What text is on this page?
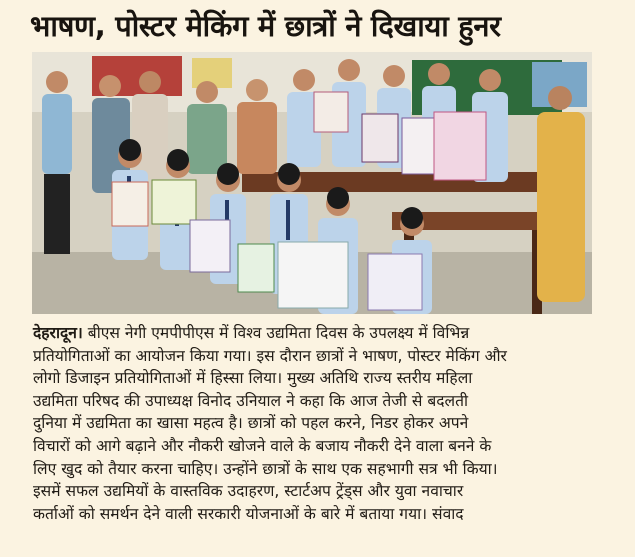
भाषण, पोस्टर मेकिंग में छात्रों ने दिखाया हुनर
देहरादून। बीएस नेगी एमपीपीएस में विश्व उद्यमिता दिवस के उपलक्ष्य में विभिन्न
प्रतियोगिताओं का आयोजन किया गया। इस दौरान छात्रों ने भाषण, पोस्टर मेकिंग और
लोगो डिजाइन प्रतियोगिताओं में हिस्सा लिया। मुख्य अतिथि राज्य स्तरीय महिला
उद्यमिता परिषद की उपाध्यक्ष विनोद उनियाल ने कहा कि आज तेजी से बदलती
दुनिया में उद्यमिता का खासा महत्व है। छात्रों को पहल करने, निडर होकर अपने
विचारों को आगे बढ़ाने और नौकरी खोजने वाले के बजाय नौकरी देने वाला बनने के
लिए खुद को तैयार करना चाहिए। उन्होंने छात्रों के साथ एक सहभागी सत्र भी किया।
इसमें सफल उद्यमियों के वास्तविक उदाहरण, स्टार्टअप ट्रेंड्स और युवा नवाचार
कर्ताओं को समर्थन देने वाली सरकारी योजनाओं के बारे में बताया गया। संवाद
